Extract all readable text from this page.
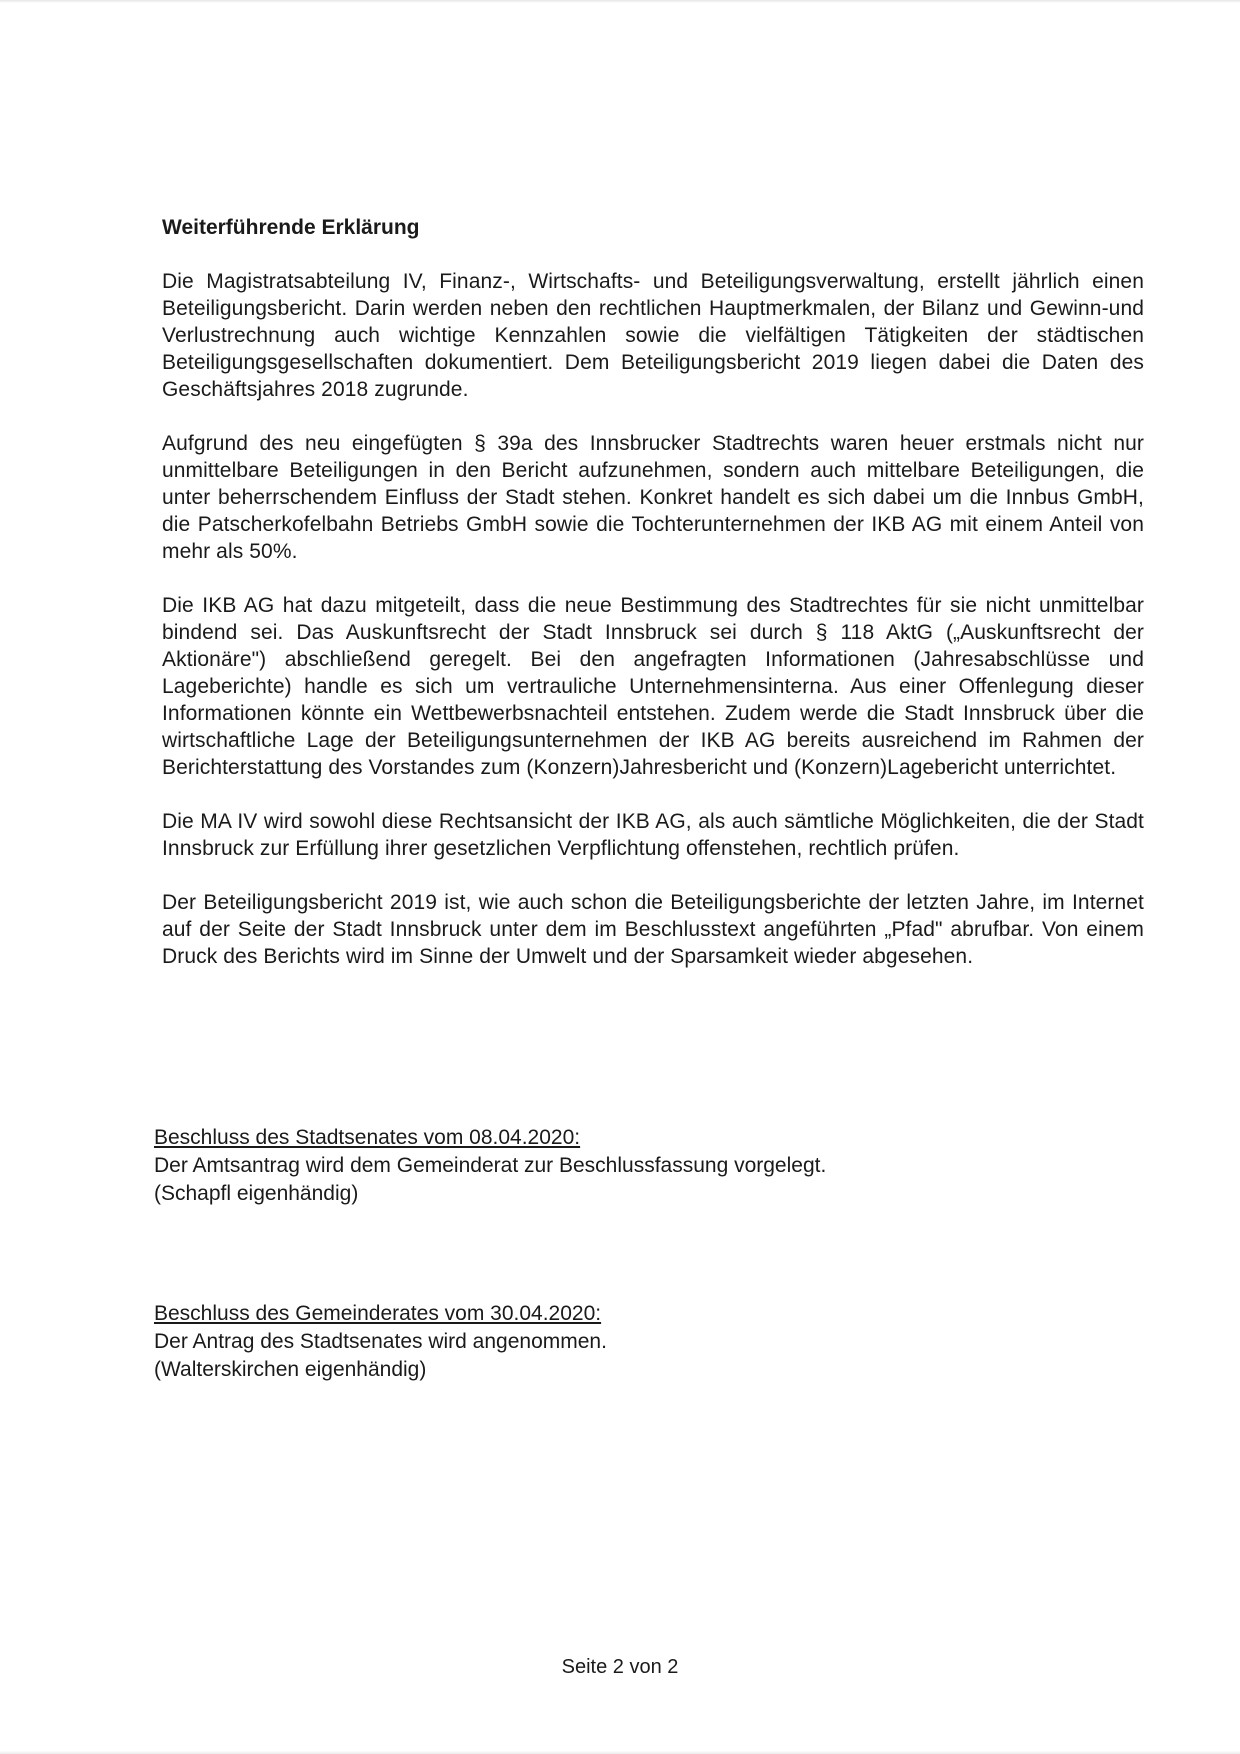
Weiterführende Erklärung

Die Magistratsabteilung IV, Finanz-, Wirtschafts- und Beteiligungsverwaltung, erstellt jährlich einen Beteiligungsbericht. Darin werden neben den rechtlichen Hauptmerkmalen, der Bilanz und Gewinn-und Verlustrechnung auch wichtige Kennzahlen sowie die vielfältigen Tätigkeiten der städtischen Beteiligungsgesellschaften dokumentiert. Dem Beteiligungsbericht 2019 liegen dabei die Daten des Geschäftsjahres 2018 zugrunde.

Aufgrund des neu eingefügten § 39a des Innsbrucker Stadtrechts waren heuer erstmals nicht nur unmittelbare Beteiligungen in den Bericht aufzunehmen, sondern auch mittelbare Beteiligungen, die unter beherrschendem Einfluss der Stadt stehen. Konkret handelt es sich dabei um die Innbus GmbH, die Patscherkofelbahn Betriebs GmbH sowie die Tochterunternehmen der IKB AG mit einem Anteil von mehr als 50%.

Die IKB AG hat dazu mitgeteilt, dass die neue Bestimmung des Stadtrechtes für sie nicht unmittelbar bindend sei. Das Auskunftsrecht der Stadt Innsbruck sei durch § 118 AktG („Auskunftsrecht der Aktionäre") abschließend geregelt. Bei den angefragten Informationen (Jahresabschlüsse und Lageberichte) handle es sich um vertrauliche Unternehmensinterna. Aus einer Offenlegung dieser Informationen könnte ein Wettbewerbsnachteil entstehen. Zudem werde die Stadt Innsbruck über die wirtschaftliche Lage der Beteiligungsunternehmen der IKB AG bereits ausreichend im Rahmen der Berichterstattung des Vorstandes zum (Konzern)Jahresbericht und (Konzern)Lagebericht unterrichtet.

Die MA IV wird sowohl diese Rechtsansicht der IKB AG, als auch sämtliche Möglichkeiten, die der Stadt Innsbruck zur Erfüllung ihrer gesetzlichen Verpflichtung offenstehen, rechtlich prüfen.

Der Beteiligungsbericht 2019 ist, wie auch schon die Beteiligungsberichte der letzten Jahre, im Internet auf der Seite der Stadt Innsbruck unter dem im Beschlusstext angeführten „Pfad" abrufbar. Von einem Druck des Berichts wird im Sinne der Umwelt und der Sparsamkeit wieder abgesehen.

Beschluss des Stadtsenates vom 08.04.2020:
Der Amtsantrag wird dem Gemeinderat zur Beschlussfassung vorgelegt.
(Schapfl eigenhändig)
Beschluss des Gemeinderates vom 30.04.2020:
Der Antrag des Stadtsenates wird angenommen.
(Walterskirchen eigenhändig)
Seite 2 von 2
